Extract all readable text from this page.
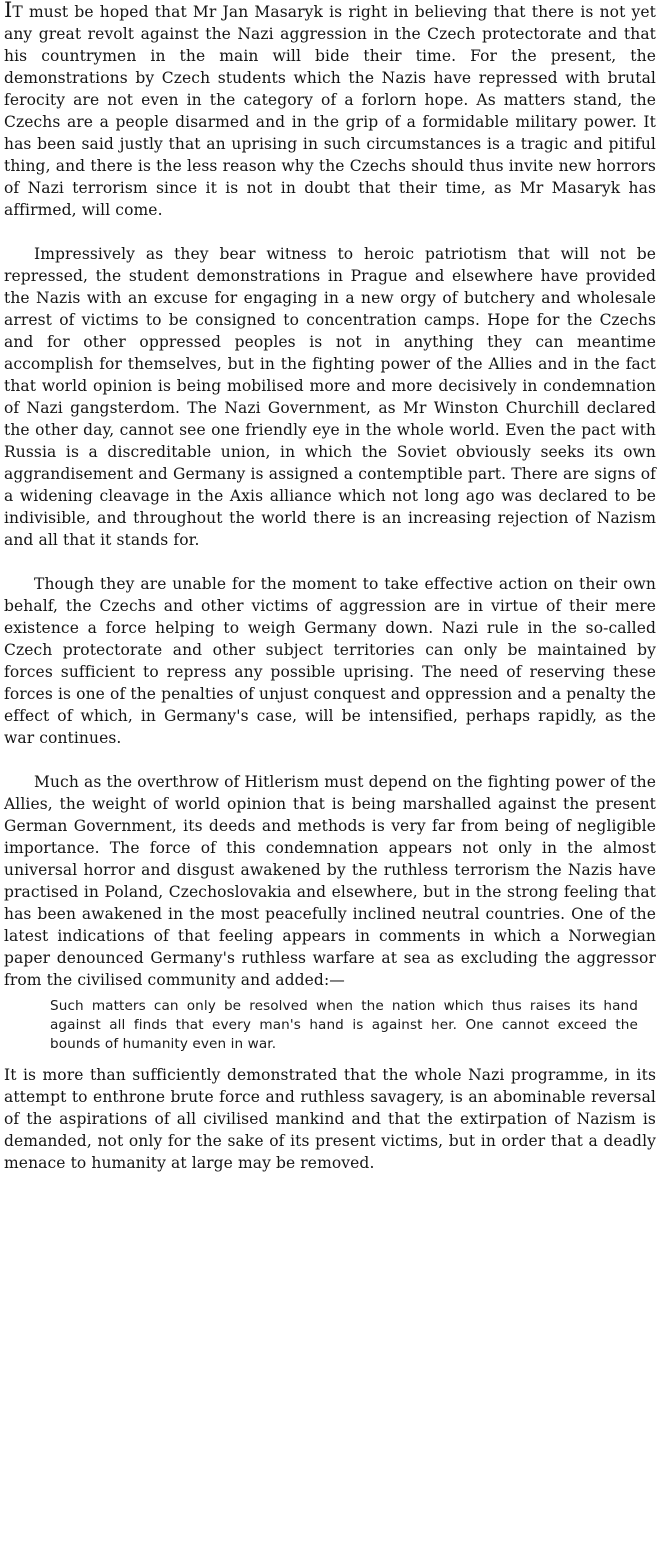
IT must be hoped that Mr Jan Masaryk is right in believing that there is not yet any great revolt against the Nazi aggression in the Czech protectorate and that his countrymen in the main will bide their time. For the present, the demonstrations by Czech students which the Nazis have repressed with brutal ferocity are not even in the category of a forlorn hope. As matters stand, the Czechs are a people disarmed and in the grip of a formidable military power. It has been said justly that an uprising in such circumstances is a tragic and pitiful thing, and there is the less reason why the Czechs should thus invite new horrors of Nazi terrorism since it is not in doubt that their time, as Mr Masaryk has affirmed, will come.

Impressively as they bear witness to heroic patriotism that will not be repressed, the student demonstrations in Prague and elsewhere have provided the Nazis with an excuse for engaging in a new orgy of butchery and wholesale arrest of victims to be consigned to concentration camps. Hope for the Czechs and for other oppressed peoples is not in anything they can meantime accomplish for themselves, but in the fighting power of the Allies and in the fact that world opinion is being mobilised more and more decisively in condemnation of Nazi gangsterdom. The Nazi Government, as Mr Winston Churchill declared the other day, cannot see one friendly eye in the whole world. Even the pact with Russia is a discreditable union, in which the Soviet obviously seeks its own aggrandisement and Germany is assigned a contemptible part. There are signs of a widening cleavage in the Axis alliance which not long ago was declared to be indivisible, and throughout the world there is an increasing rejection of Nazism and all that it stands for.

Though they are unable for the moment to take effective action on their own behalf, the Czechs and other victims of aggression are in virtue of their mere existence a force helping to weigh Germany down. Nazi rule in the so-called Czech protectorate and other subject territories can only be maintained by forces sufficient to repress any possible uprising. The need of reserving these forces is one of the penalties of unjust conquest and oppression and a penalty the effect of which, in Germany's case, will be intensified, perhaps rapidly, as the war continues.

Much as the overthrow of Hitlerism must depend on the fighting power of the Allies, the weight of world opinion that is being marshalled against the present German Government, its deeds and methods is very far from being of negligible importance. The force of this condemnation appears not only in the almost universal horror and disgust awakened by the ruthless terrorism the Nazis have practised in Poland, Czechoslovakia and elsewhere, but in the strong feeling that has been awakened in the most peacefully inclined neutral countries. One of the latest indications of that feeling appears in comments in which a Norwegian paper denounced Germany's ruthless warfare at sea as excluding the aggressor from the civilised community and added:—

Such matters can only be resolved when the nation which thus raises its hand against all finds that every man's hand is against her. One cannot exceed the bounds of humanity even in war.

It is more than sufficiently demonstrated that the whole Nazi programme, in its attempt to enthrone brute force and ruthless savagery, is an abominable reversal of the aspirations of all civilised mankind and that the extirpation of Nazism is demanded, not only for the sake of its present victims, but in order that a deadly menace to humanity at large may be removed.
